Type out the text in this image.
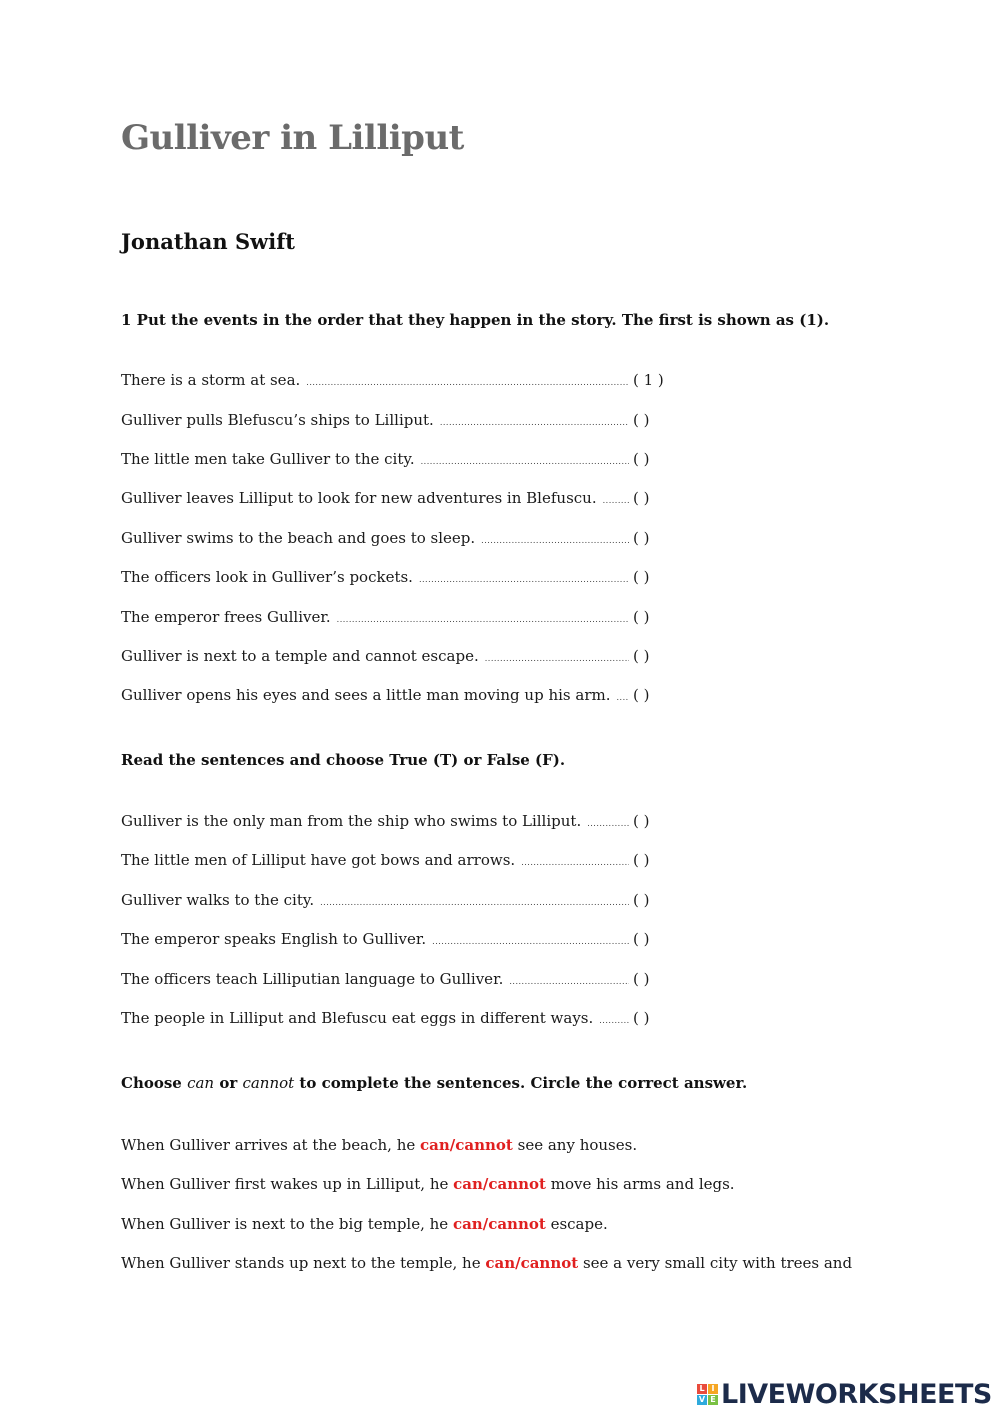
Gulliver in Lilliput
Jonathan Swift
1 Put the events in the order that they happen in the story. The first is shown as (1).
There is a storm at sea. .....	( 1 )
Gulliver pulls Blefuscu’s ships to Lilliput. .....	( )
The little men take Gulliver to the city. .....	( )
Gulliver leaves Lilliput to look for new adventures in Blefuscu. ..... ( )
Gulliver swims to the beach and goes to sleep. .....	( )
The officers look in Gulliver’s pockets. .....	( )
The emperor frees Gulliver. .....	( )
Gulliver is next to a temple and cannot escape. .....	( )
Gulliver opens his eyes and sees a little man moving up his arm. ..... ( )
Read the sentences and choose True (T) or False (F).
Gulliver is the only man from the ship who swims to Lilliput. .....	( )
The little men of Lilliput have got bows and arrows. .....	( )
Gulliver walks to the city. .....	( )
The emperor speaks English to Gulliver. .....	( )
The officers teach Lilliputian language to Gulliver. .....	( )
The people in Lilliput and Blefuscu eat eggs in different ways. .....	( )
Choose can or cannot to complete the sentences. Circle the correct answer.
When Gulliver arrives at the beach, he can/cannot see any houses.
When Gulliver first wakes up in Lilliput, he can/cannot move his arms and legs.
When Gulliver is next to the big temple, he can/cannot escape.
When Gulliver stands up next to the temple, he can/cannot see a very small city with trees and
L I
V E LIVEWORKSHEETS
